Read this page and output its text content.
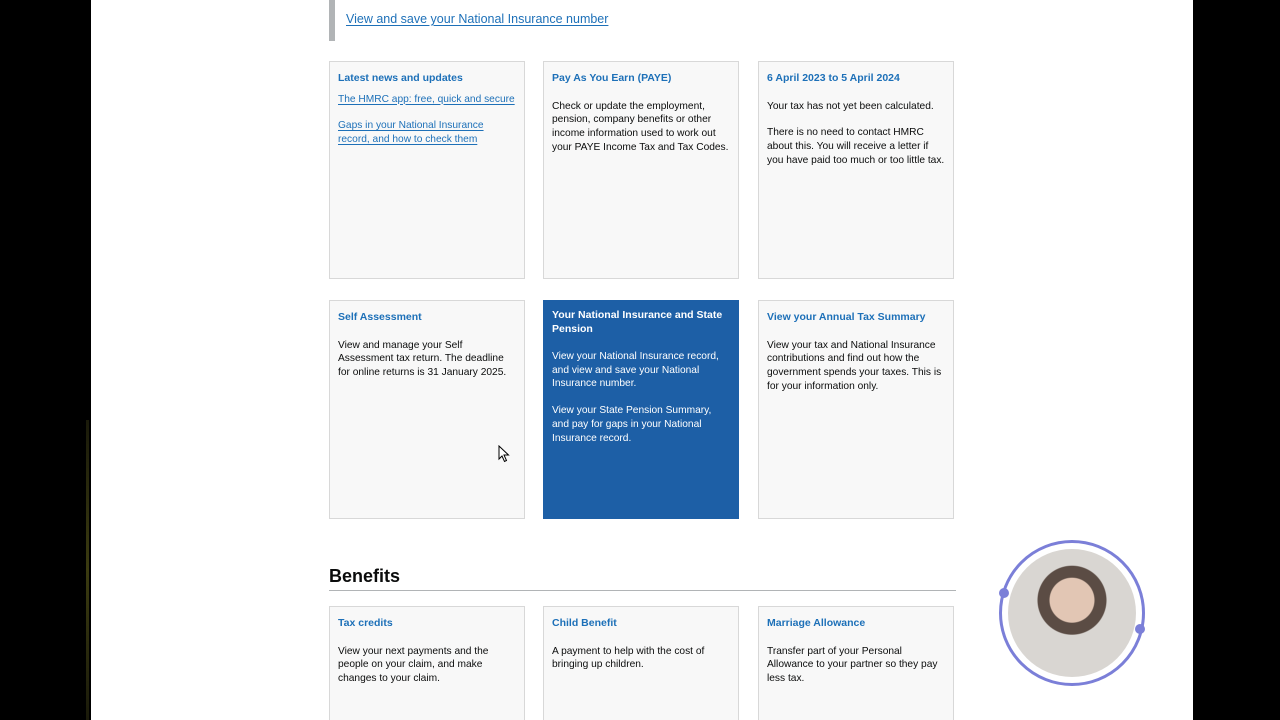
View and save your National Insurance number
Latest news and updates
The HMRC app: free, quick and secure
Gaps in your National Insurance record, and how to check them
Pay As You Earn (PAYE)

Check or update the employment, pension, company benefits or other income information used to work out your PAYE Income Tax and Tax Codes.

6 April 2023 to 5 April 2024

Your tax has not yet been calculated.

There is no need to contact HMRC about this. You will receive a letter if you have paid too much or too little tax.

Self Assessment

View and manage your Self Assessment tax return. The deadline for online returns is 31 January 2025.

Your National Insurance and State Pension

View your National Insurance record, and view and save your National Insurance number.

View your State Pension Summary, and pay for gaps in your National Insurance record.

View your Annual Tax Summary

View your tax and National Insurance contributions and find out how the government spends your taxes. This is for your information only.

Benefits
Tax credits

View your next payments and the people on your claim, and make changes to your claim.

Child Benefit

A payment to help with the cost of bringing up children.

Marriage Allowance

Transfer part of your Personal Allowance to your partner so they pay less tax.
